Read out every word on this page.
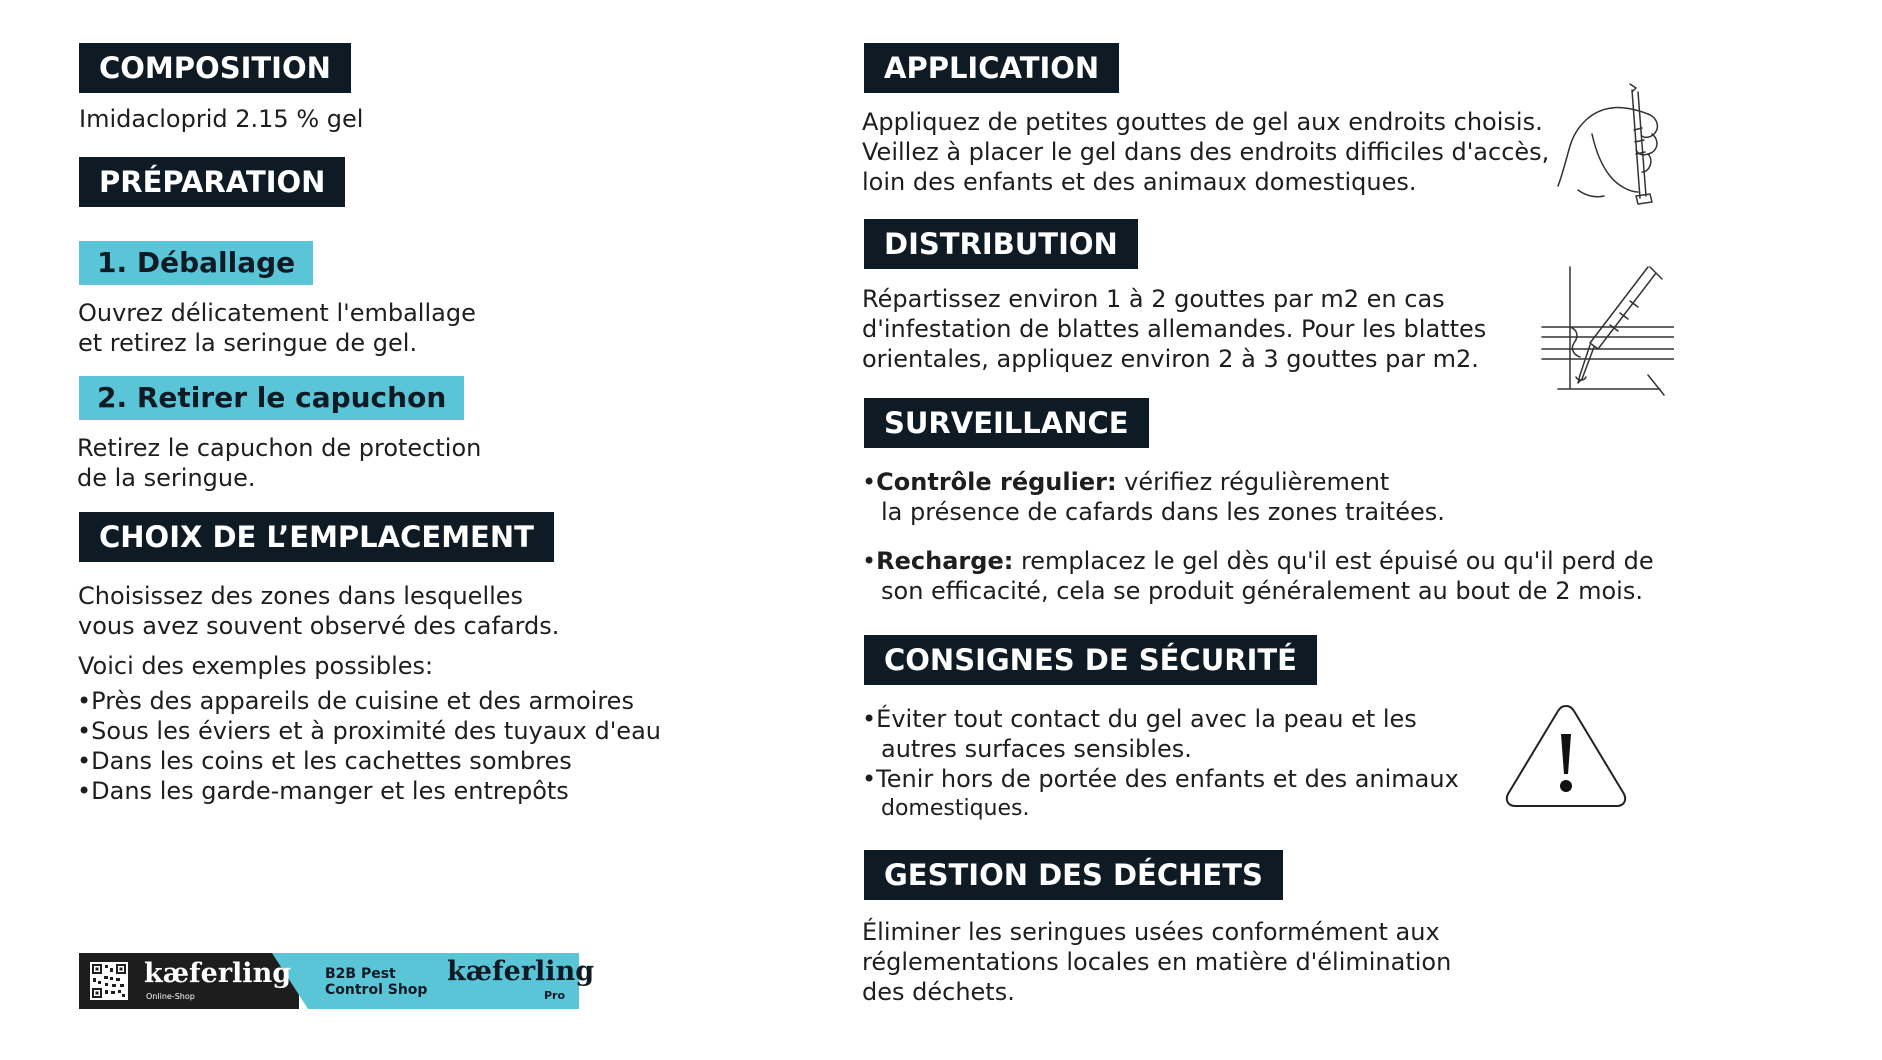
COMPOSITION
Imidacloprid 2.15 % gel
PRÉPARATION
1. Déballage
Ouvrez délicatement l'emballage
et retirez la seringue de gel.
2. Retirer le capuchon
Retirez le capuchon de protection
de la seringue.
CHOIX DE L’EMPLACEMENT
Choisissez des zones dans lesquelles
vous avez souvent observé des cafards.
Voici des exemples possibles:
•Près des appareils de cuisine et des armoires
•Sous les éviers et à proximité des tuyaux d'eau
•Dans les coins et les cachettes sombres
•Dans les garde-manger et les entrepôts
kæferling
Online-Shop
B2B Pest
Control Shop
kæferling
Pro
APPLICATION
Appliquez de petites gouttes de gel aux endroits choisis.
Veillez à placer le gel dans des endroits difficiles d'accès,
loin des enfants et des animaux domestiques.
DISTRIBUTION
Répartissez environ 1 à 2 gouttes par m2 en cas
d'infestation de blattes allemandes. Pour les blattes
orientales, appliquez environ 2 à 3 gouttes par m2.
SURVEILLANCE
•Contrôle régulier: vérifiez régulièrement
la présence de cafards dans les zones traitées.
•Recharge: remplacez le gel dès qu'il est épuisé ou qu'il perd de
son efficacité, cela se produit généralement au bout de 2 mois.
CONSIGNES DE SÉCURITÉ
•Éviter tout contact du gel avec la peau et les
autres surfaces sensibles.
•Tenir hors de portée des enfants et des animaux
domestiques.
GESTION DES DÉCHETS
Éliminer les seringues usées conformément aux
réglementations locales en matière d'élimination
des déchets.
